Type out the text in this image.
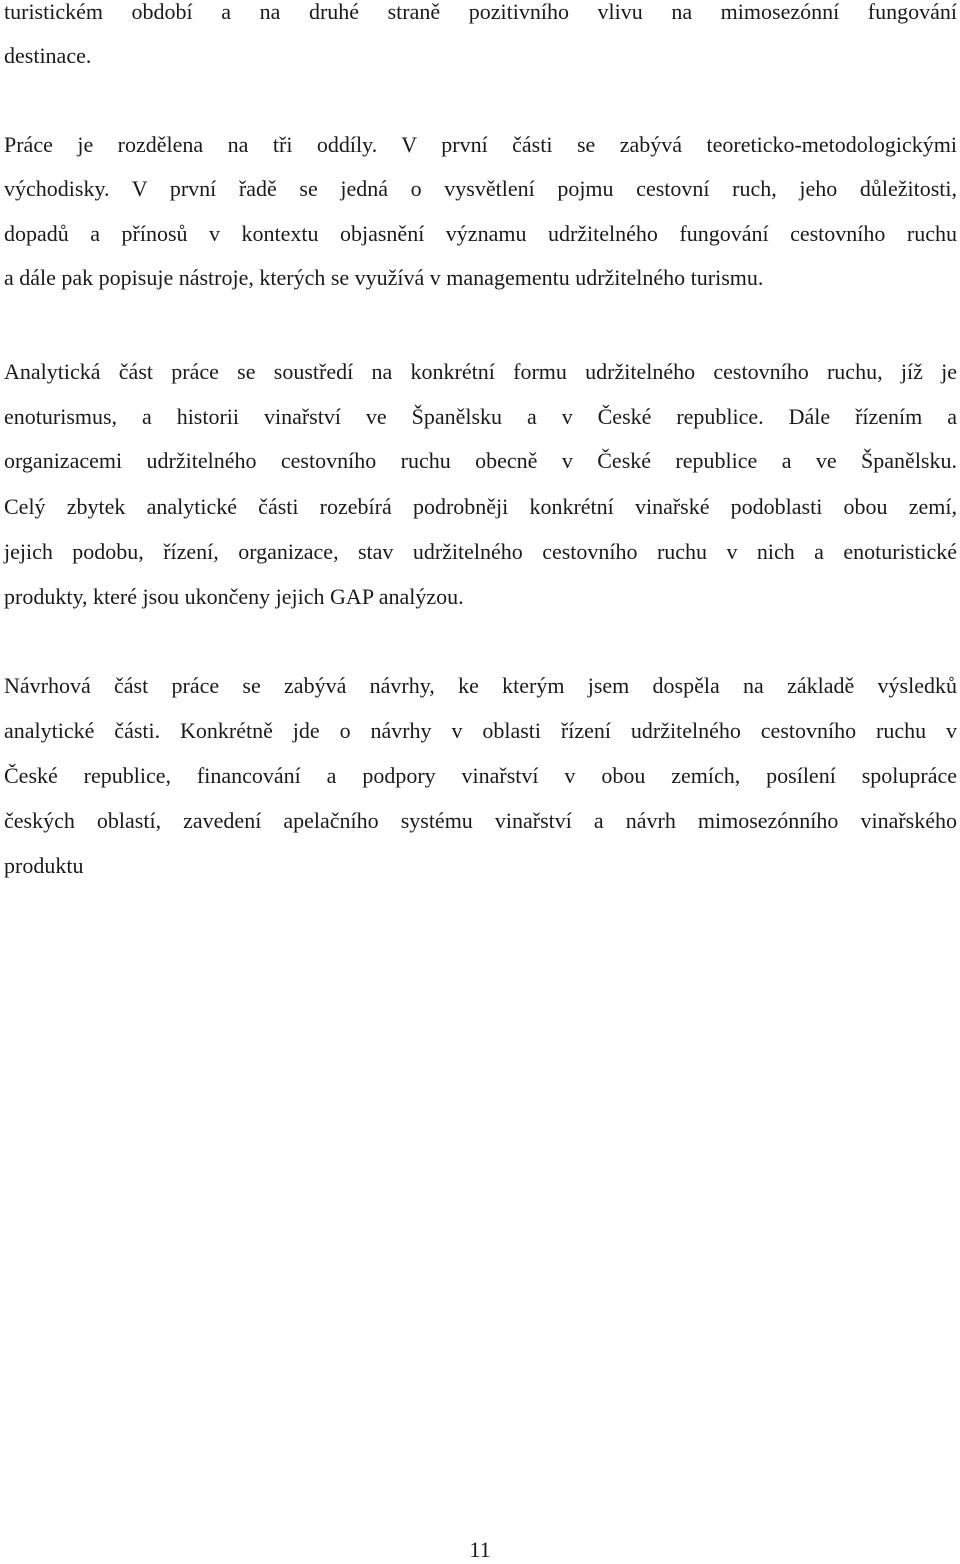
turistickém období a na druhé straně pozitivního vlivu na mimosezónní fungování
destinace.
Práce je rozdělena na tři oddíly. V první části se zabývá teoreticko-metodologickými
východisky. V první řadě se jedná o vysvětlení pojmu cestovní ruch, jeho důležitosti,
dopadů a přínosů v kontextu objasnění významu udržitelného fungování cestovního ruchu
a dále pak popisuje nástroje, kterých se využívá v managementu udržitelného turismu.
Analytická část práce se soustředí na konkrétní formu udržitelného cestovního ruchu, jíž je
enoturismus, a historii vinařství ve Španělsku a v České republice. Dále řízením a
organizacemi udržitelného cestovního ruchu obecně v České republice a ve Španělsku.
Celý zbytek analytické části rozebírá podrobněji konkrétní vinařské podoblasti obou zemí,
jejich podobu, řízení, organizace, stav udržitelného cestovního ruchu v nich a enoturistické
produkty, které jsou ukončeny jejich GAP analýzou.
Návrhová část práce se zabývá návrhy, ke kterým jsem dospěla na základě výsledků
analytické části. Konkrétně jde o návrhy v oblasti řízení udržitelného cestovního ruchu v
České republice, financování a podpory vinařství v obou zemích, posílení spolupráce
českých oblastí, zavedení apelačního systému vinařství a návrh mimosezónního vinařského
produktu
11
